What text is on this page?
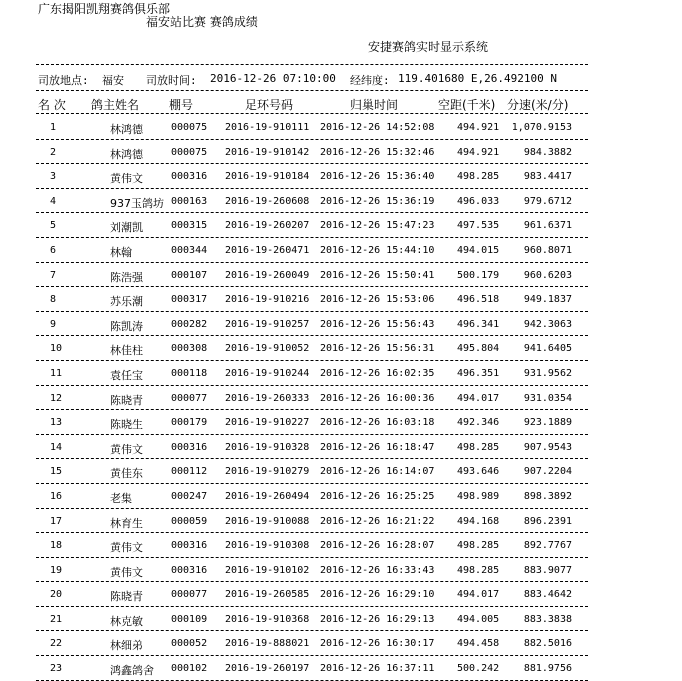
广东揭阳凯翔赛鸽俱乐部
福安站比赛 赛鸽成绩
安捷赛鸽实时显示系统
司放地点: 福安 司放时间: 2016-12-26 07:10:00 经纬度: 119.401680 E,26.492100 N
名 次 鸽主姓名 棚号	足环号码	归巢时间	空距(千米) 分速(米/分)
1	林鸿德	000075 2016-19-910111 2016-12-26 14:52:08 494.921 1,070.9153
2	林鸿德	000075 2016-19-910142 2016-12-26 15:32:46 494.921 984.3882
3	黄伟文	000316 2016-19-910184 2016-12-26 15:36:40 498.285 983.4417
4	937玉鸽坊 000163 2016-19-260608 2016-12-26 15:36:19 496.033 979.6712
5	刘潮凯	000315 2016-19-260207 2016-12-26 15:47:23 497.535 961.6371
6	林翰	000344 2016-19-260471 2016-12-26 15:44:10 494.015 960.8071
7	陈浩强	000107 2016-19-260049 2016-12-26 15:50:41 500.179 960.6203
8	苏乐潮	000317 2016-19-910216 2016-12-26 15:53:06 496.518 949.1837
9	陈凯涛	000282 2016-19-910257 2016-12-26 15:56:43 496.341 942.3063
10	林佳柱	000308 2016-19-910052 2016-12-26 15:56:31 495.804 941.6405
11	袁任宝	000118 2016-19-910244 2016-12-26 16:02:35 496.351 931.9562
12	陈晓青	000077 2016-19-260333 2016-12-26 16:00:36 494.017 931.0354
13	陈晓生	000179 2016-19-910227 2016-12-26 16:03:18 492.346 923.1889
14	黄伟文	000316 2016-19-910328 2016-12-26 16:18:47 498.285 907.9543
15	黄佳东	000112 2016-19-910279 2016-12-26 16:14:07 493.646 907.2204
16	老集	000247 2016-19-260494 2016-12-26 16:25:25 498.989 898.3892
17	林育生	000059 2016-19-910088 2016-12-26 16:21:22 494.168 896.2391
18	黄伟文	000316 2016-19-910308 2016-12-26 16:28:07 498.285 892.7767
19	黄伟文	000316 2016-19-910102 2016-12-26 16:33:43 498.285 883.9077
20	陈晓青	000077 2016-19-260585 2016-12-26 16:29:10 494.017 883.4642
21	林克敏	000109 2016-19-910368 2016-12-26 16:29:13 494.005 883.3838
22	林细弟	000052 2016-19-888021 2016-12-26 16:30:17 494.458 882.5016
23	鸿鑫鸽舍 000102 2016-19-260197 2016-12-26 16:37:11 500.242 881.9756
